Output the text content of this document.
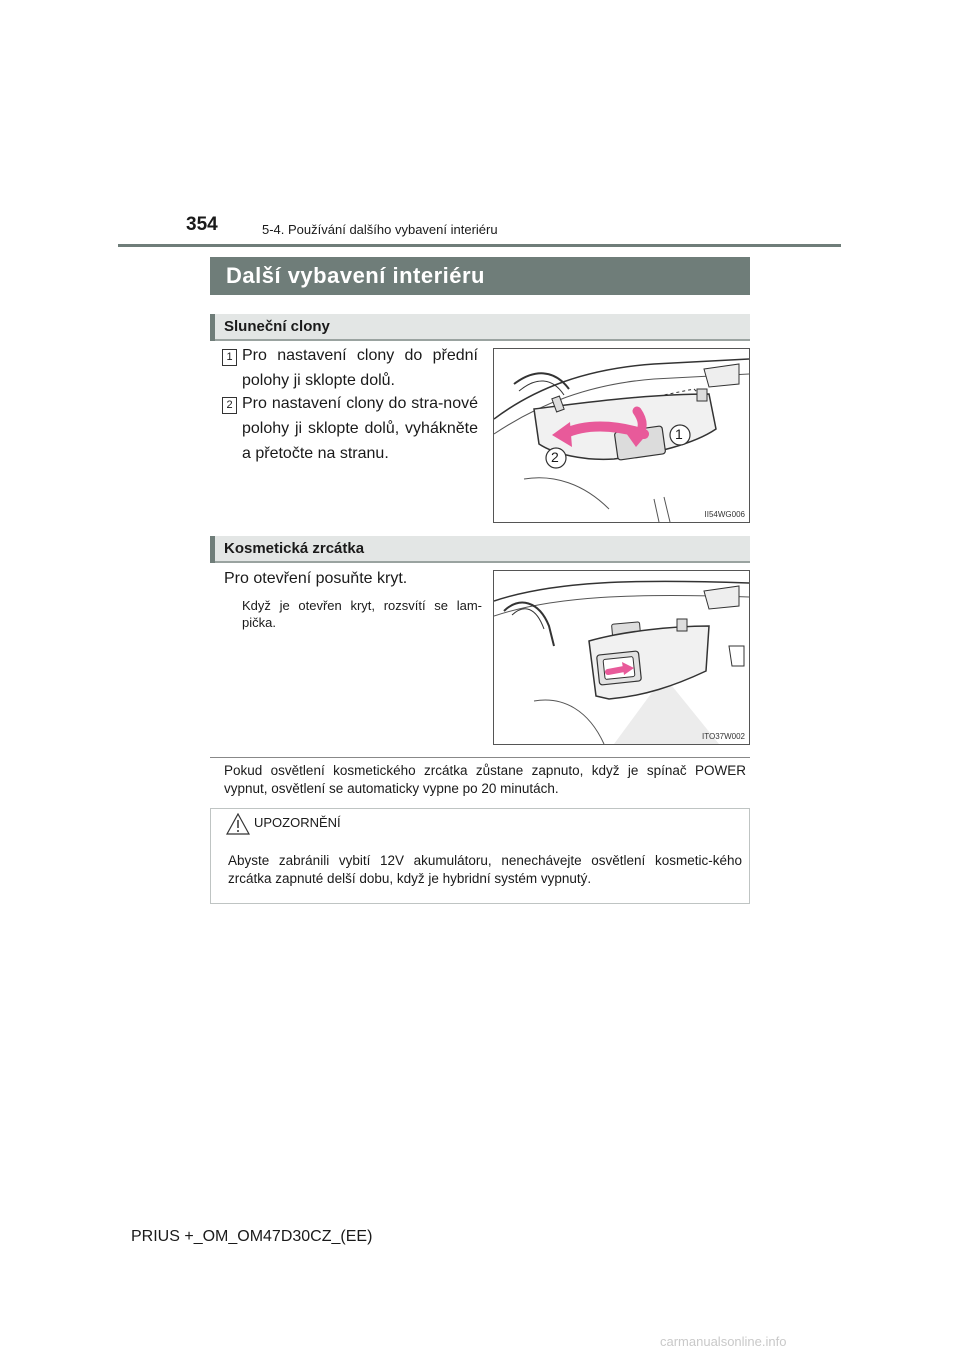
354	5-4. Používání dalšího vybavení interiéru
Další vybavení interiéru
Sluneční clony
1 Pro nastavení clony do přední polohy ji sklopte dolů.
2 Pro nastavení clony do stra-nové polohy ji sklopte dolů, vyhákněte a přetočte na stranu.
1
2
II54WG006
Kosmetická zrcátka
Pro otevření posuňte kryt.
Když je otevřen kryt, rozsvítí se lam-pička.
ITO37W002
Pokud osvětlení kosmetického zrcátka zůstane zapnuto, když je spínač POWER vypnut, osvětlení se automaticky vypne po 20 minutách.
UPOZORNĚNÍ
Abyste zabránili vybití 12V akumulátoru, nenechávejte osvětlení kosmetic-kého zrcátka zapnuté delší dobu, když je hybridní systém vypnutý.
PRIUS +_OM_OM47D30CZ_(EE)
carmanualsonline.info
